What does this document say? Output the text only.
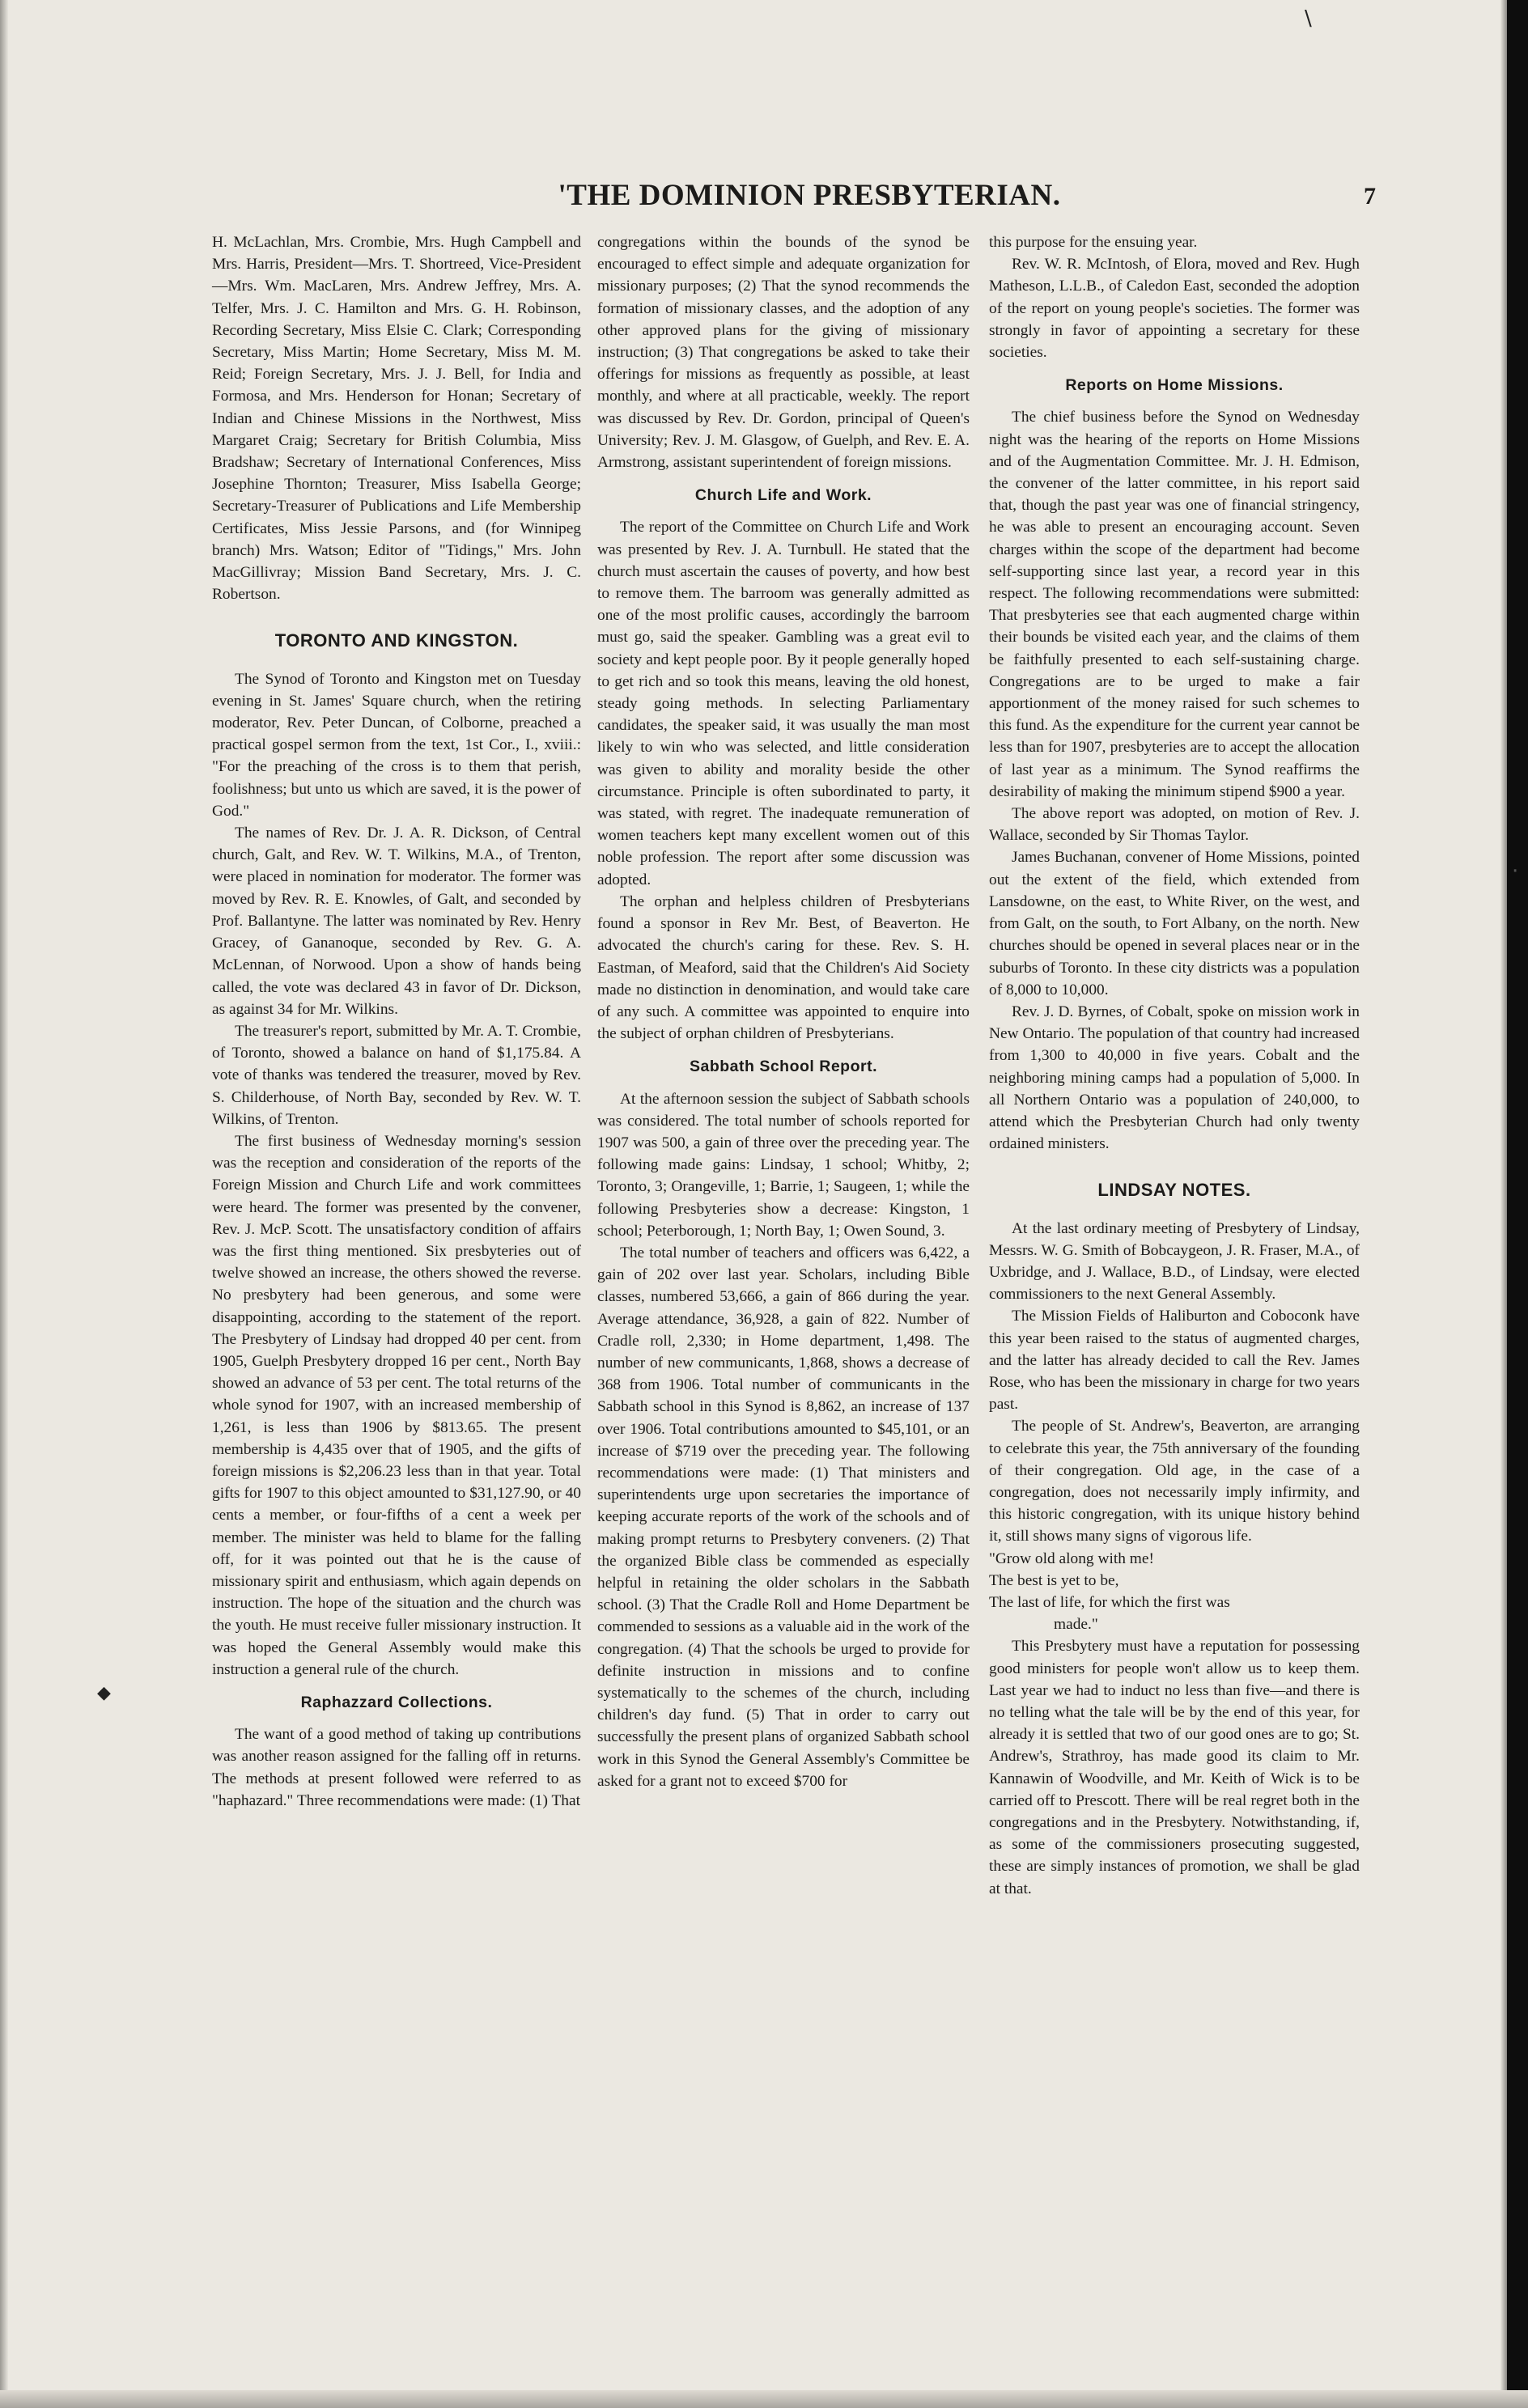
\
◆
·
'THE DOMINION PRESBYTERIAN.	7

H. McLachlan, Mrs. Crombie, Mrs. Hugh Campbell and Mrs. Harris, President—Mrs. T. Shortreed, Vice-President—Mrs. Wm. MacLaren, Mrs. Andrew Jeffrey, Mrs. A. Telfer, Mrs. J. C. Hamilton and Mrs. G. H. Robinson, Recording Secretary, Miss Elsie C. Clark; Corresponding Secretary, Miss Martin; Home Secretary, Miss M. M. Reid; Foreign Secretary, Mrs. J. J. Bell, for India and Formosa, and Mrs. Henderson for Honan; Secretary of Indian and Chinese Missions in the Northwest, Miss Margaret Craig; Secretary for British Columbia, Miss Bradshaw; Secretary of International Conferences, Miss Josephine Thornton; Treasurer, Miss Isabella George; Secretary-Treasurer of Publications and Life Membership Certificates, Miss Jessie Parsons, and (for Winnipeg branch) Mrs. Watson; Editor of "Tidings," Mrs. John MacGillivray; Mission Band Secretary, Mrs. J. C. Robertson.

TORONTO AND KINGSTON.

The Synod of Toronto and Kingston met on Tuesday evening in St. James' Square church, when the retiring moderator, Rev. Peter Duncan, of Colborne, preached a practical gospel sermon from the text, 1st Cor., I., xviii.: "For the preaching of the cross is to them that perish, foolishness; but unto us which are saved, it is the power of God."

The names of Rev. Dr. J. A. R. Dickson, of Central church, Galt, and Rev. W. T. Wilkins, M.A., of Trenton, were placed in nomination for moderator. The former was moved by Rev. R. E. Knowles, of Galt, and seconded by Prof. Ballantyne. The latter was nominated by Rev. Henry Gracey, of Gananoque, seconded by Rev. G. A. McLennan, of Norwood. Upon a show of hands being called, the vote was declared 43 in favor of Dr. Dickson, as against 34 for Mr. Wilkins.

The treasurer's report, submitted by Mr. A. T. Crombie, of Toronto, showed a balance on hand of $1,175.84. A vote of thanks was tendered the treasurer, moved by Rev. S. Childerhouse, of North Bay, seconded by Rev. W. T. Wilkins, of Trenton.

The first business of Wednesday morning's session was the reception and consideration of the reports of the Foreign Mission and Church Life and work committees were heard. The former was presented by the convener, Rev. J. McP. Scott. The unsatisfactory condition of affairs was the first thing mentioned. Six presbyteries out of twelve showed an increase, the others showed the reverse. No presbytery had been generous, and some were disappointing, according to the statement of the report. The Presbytery of Lindsay had dropped 40 per cent. from 1905, Guelph Presbytery dropped 16 per cent., North Bay showed an advance of 53 per cent. The total returns of the whole synod for 1907, with an increased membership of 1,261, is less than 1906 by $813.65. The present membership is 4,435 over that of 1905, and the gifts of foreign missions is $2,206.23 less than in that year. Total gifts for 1907 to this object amounted to $31,127.90, or 40 cents a member, or four-fifths of a cent a week per member. The minister was held to blame for the falling off, for it was pointed out that he is the cause of missionary spirit and enthusiasm, which again depends on instruction. The hope of the situation and the church was the youth. He must receive fuller missionary instruction. It was hoped the General Assembly would make this instruction a general rule of the church.

Raphazzard Collections.

The want of a good method of taking up contributions was another reason assigned for the falling off in returns. The methods at present followed were referred to as "haphazard." Three recommendations were made: (1) That

congregations within the bounds of the synod be encouraged to effect simple and adequate organization for missionary purposes; (2) That the synod recommends the formation of missionary classes, and the adoption of any other approved plans for the giving of missionary instruction; (3) That congregations be asked to take their offerings for missions as frequently as possible, at least monthly, and where at all practicable, weekly. The report was discussed by Rev. Dr. Gordon, principal of Queen's University; Rev. J. M. Glasgow, of Guelph, and Rev. E. A. Armstrong, assistant superintendent of foreign missions.

Church Life and Work.

The report of the Committee on Church Life and Work was presented by Rev. J. A. Turnbull. He stated that the church must ascertain the causes of poverty, and how best to remove them. The barroom was generally admitted as one of the most prolific causes, accordingly the barroom must go, said the speaker. Gambling was a great evil to society and kept people poor. By it people generally hoped to get rich and so took this means, leaving the old honest, steady going methods. In selecting Parliamentary candidates, the speaker said, it was usually the man most likely to win who was selected, and little consideration was given to ability and morality beside the other circumstance. Principle is often subordinated to party, it was stated, with regret. The inadequate remuneration of women teachers kept many excellent women out of this noble profession. The report after some discussion was adopted.

The orphan and helpless children of Presbyterians found a sponsor in Rev Mr. Best, of Beaverton. He advocated the church's caring for these. Rev. S. H. Eastman, of Meaford, said that the Children's Aid Society made no distinction in denomination, and would take care of any such. A committee was appointed to enquire into the subject of orphan children of Presbyterians.

Sabbath School Report.

At the afternoon session the subject of Sabbath schools was considered. The total number of schools reported for 1907 was 500, a gain of three over the preceding year. The following made gains: Lindsay, 1 school; Whitby, 2; Toronto, 3; Orangeville, 1; Barrie, 1; Saugeen, 1; while the following Presbyteries show a decrease: Kingston, 1 school; Peterborough, 1; North Bay, 1; Owen Sound, 3.

The total number of teachers and officers was 6,422, a gain of 202 over last year. Scholars, including Bible classes, numbered 53,666, a gain of 866 during the year. Average attendance, 36,928, a gain of 822. Number of Cradle roll, 2,330; in Home department, 1,498. The number of new communicants, 1,868, shows a decrease of 368 from 1906. Total number of communicants in the Sabbath school in this Synod is 8,862, an increase of 137 over 1906. Total contributions amounted to $45,101, or an increase of $719 over the preceding year. The following recommendations were made: (1) That ministers and superintendents urge upon secretaries the importance of keeping accurate reports of the work of the schools and of making prompt returns to Presbytery conveners. (2) That the organized Bible class be commended as especially helpful in retaining the older scholars in the Sabbath school. (3) That the Cradle Roll and Home Department be commended to sessions as a valuable aid in the work of the congregation. (4) That the schools be urged to provide for definite instruction in missions and to confine systematically to the schemes of the church, including children's day fund. (5) That in order to carry out successfully the present plans of organized Sabbath school work in this Synod the General Assembly's Committee be asked for a grant not to exceed $700 for

this purpose for the ensuing year.

Rev. W. R. McIntosh, of Elora, moved and Rev. Hugh Matheson, L.L.B., of Caledon East, seconded the adoption of the report on young people's societies. The former was strongly in favor of appointing a secretary for these societies.

Reports on Home Missions.

The chief business before the Synod on Wednesday night was the hearing of the reports on Home Missions and of the Augmentation Committee. Mr. J. H. Edmison, the convener of the latter committee, in his report said that, though the past year was one of financial stringency, he was able to present an encouraging account. Seven charges within the scope of the department had become self-supporting since last year, a record year in this respect. The following recommendations were submitted: That presbyteries see that each augmented charge within their bounds be visited each year, and the claims of them be faithfully presented to each self-sustaining charge. Congregations are to be urged to make a fair apportionment of the money raised for such schemes to this fund. As the expenditure for the current year cannot be less than for 1907, presbyteries are to accept the allocation of last year as a minimum. The Synod reaffirms the desirability of making the minimum stipend $900 a year.

The above report was adopted, on motion of Rev. J. Wallace, seconded by Sir Thomas Taylor.

James Buchanan, convener of Home Missions, pointed out the extent of the field, which extended from Lansdowne, on the east, to White River, on the west, and from Galt, on the south, to Fort Albany, on the north. New churches should be opened in several places near or in the suburbs of Toronto. In these city districts was a population of 8,000 to 10,000.

Rev. J. D. Byrnes, of Cobalt, spoke on mission work in New Ontario. The population of that country had increased from 1,300 to 40,000 in five years. Cobalt and the neighboring mining camps had a population of 5,000. In all Northern Ontario was a population of 240,000, to attend which the Presbyterian Church had only twenty ordained ministers.

LINDSAY NOTES.

At the last ordinary meeting of Presbytery of Lindsay, Messrs. W. G. Smith of Bobcaygeon, J. R. Fraser, M.A., of Uxbridge, and J. Wallace, B.D., of Lindsay, were elected commissioners to the next General Assembly.

The Mission Fields of Haliburton and Coboconk have this year been raised to the status of augmented charges, and the latter has already decided to call the Rev. James Rose, who has been the missionary in charge for two years past.

The people of St. Andrew's, Beaverton, are arranging to celebrate this year, the 75th anniversary of the founding of their congregation. Old age, in the case of a congregation, does not necessarily imply infirmity, and this historic congregation, with its unique history behind it, still shows many signs of vigorous life.

"Grow old along with me!
The best is yet to be,
The last of life, for which the first was
made."

This Presbytery must have a reputation for possessing good ministers for people won't allow us to keep them. Last year we had to induct no less than five—and there is no telling what the tale will be by the end of this year, for already it is settled that two of our good ones are to go; St. Andrew's, Strathroy, has made good its claim to Mr. Kannawin of Woodville, and Mr. Keith of Wick is to be carried off to Prescott. There will be real regret both in the congregations and in the Presbytery. Notwithstanding, if, as some of the commissioners prosecuting suggested, these are simply instances of promotion, we shall be glad at that.
